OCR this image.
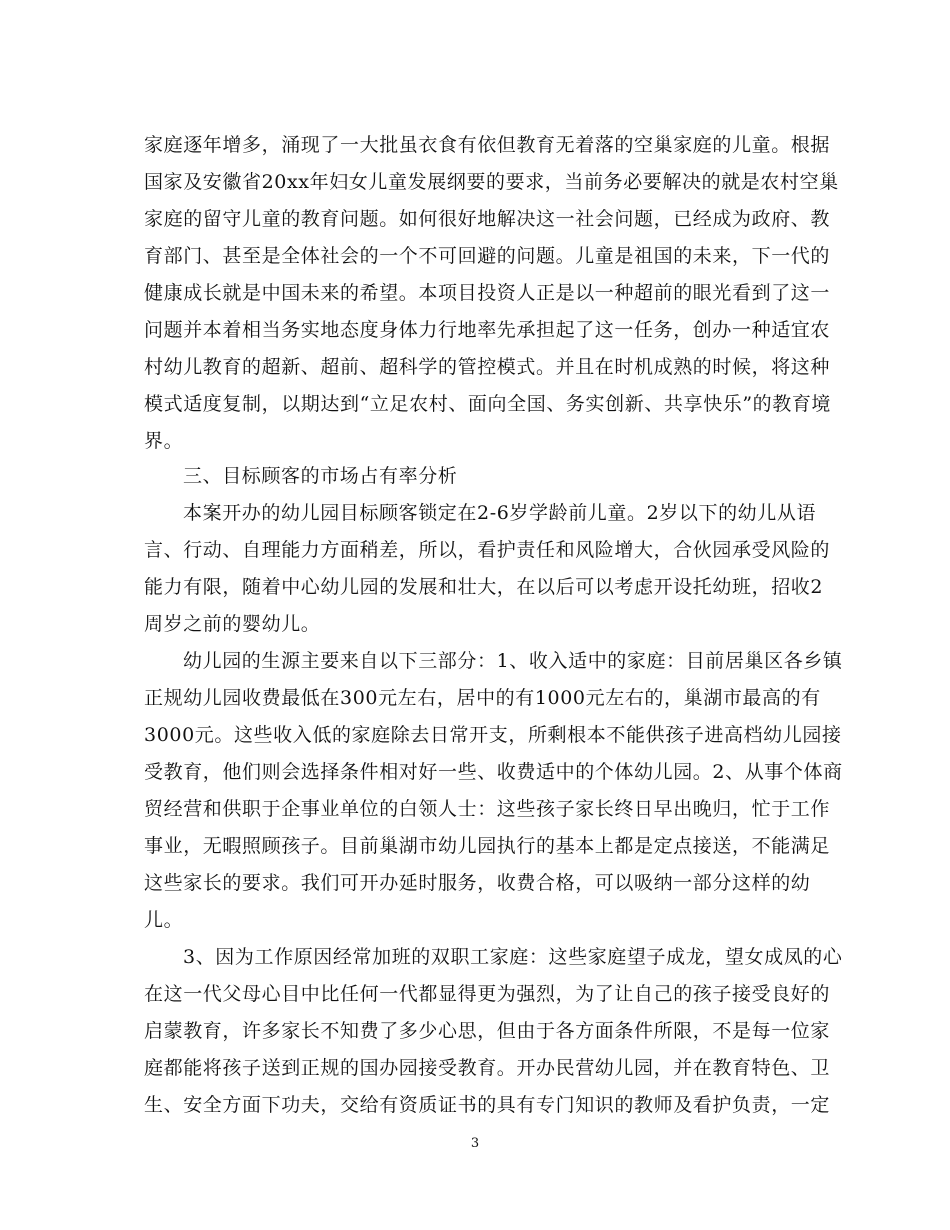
家庭逐年增多，涌现了一大批虽衣食有依但教育无着落的空巢家庭的儿童。根据
国家及安徽省20xx年妇女儿童发展纲要的要求，当前务必要解决的就是农村空巢
家庭的留守儿童的教育问题。如何很好地解决这一社会问题，已经成为政府、教
育部门、甚至是全体社会的一个不可回避的问题。儿童是祖国的未来，下一代的
健康成长就是中国未来的希望。本项目投资人正是以一种超前的眼光看到了这一
问题并本着相当务实地态度身体力行地率先承担起了这一任务，创办一种适宜农
村幼儿教育的超新、超前、超科学的管控模式。并且在时机成熟的时候，将这种
模式适度复制，以期达到“立足农村、面向全国、务实创新、共享快乐”的教育境
界。
三、目标顾客的市场占有率分析
本案开办的幼儿园目标顾客锁定在2-6岁学龄前儿童。2岁以下的幼儿从语
言、行动、自理能力方面稍差，所以，看护责任和风险增大，合伙园承受风险的
能力有限，随着中心幼儿园的发展和壮大，在以后可以考虑开设托幼班，招收2
周岁之前的婴幼儿。
幼儿园的生源主要来自以下三部分：1、收入适中的家庭：目前居巢区各乡镇
正规幼儿园收费最低在300元左右，居中的有1000元左右的，巢湖市最高的有
3000元。这些收入低的家庭除去日常开支，所剩根本不能供孩子进高档幼儿园接
受教育，他们则会选择条件相对好一些、收费适中的个体幼儿园。2、从事个体商
贸经营和供职于企事业单位的白领人士：这些孩子家长终日早出晚归，忙于工作
事业，无暇照顾孩子。目前巢湖市幼儿园执行的基本上都是定点接送，不能满足
这些家长的要求。我们可开办延时服务，收费合格，可以吸纳一部分这样的幼
儿。
3、因为工作原因经常加班的双职工家庭：这些家庭望子成龙，望女成凤的心
在这一代父母心目中比任何一代都显得更为强烈，为了让自己的孩子接受良好的
启蒙教育，许多家长不知费了多少心思，但由于各方面条件所限，不是每一位家
庭都能将孩子送到正规的国办园接受教育。开办民营幼儿园，并在教育特色、卫
生、安全方面下功夫，交给有资质证书的具有专门知识的教师及看护负责，一定
3
